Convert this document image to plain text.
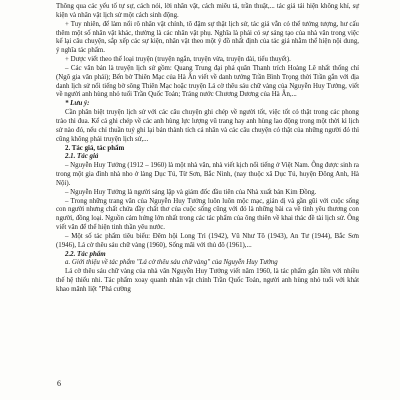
Thông qua các yếu tố tự sự, cách nói, lời nhân vật, cách miêu tả, trần thuật,... tác giả tái hiện không khí, sự kiện và nhân vật lịch sử một cách sinh động.

+ Tuy nhiên, để làm nổi rõ nhân vật chính, tô đậm sự thật lịch sử, tác giả vẫn có thể tưởng tượng, hư cấu thêm một số nhân vật khác, thường là các nhân vật phụ. Nghĩa là phải có sự sáng tạo của nhà văn trong việc kể lại câu chuyện, sắp xếp các sự kiện, nhân vật theo một ý đồ nhất định của tác giả nhằm thể hiện nội dung, ý nghĩa tác phẩm.

+ Dược viết theo thể loại truyện (truyện ngắn, truyện vừa, truyện dài, tiểu thuyết).

– Các văn bản là truyện lịch sử gồm: Quang Trung đại phá quân Thanh trích Hoàng Lê nhất thống chí (Ngô gia văn phái); Bến bờ Thiên Mạc của Hà Ân viết về danh tướng Trần Bình Trọng thời Trần gắn với địa danh lịch sử nổi tiếng bờ sông Thiên Mạc hoặc truyện Lá cờ thêu sáu chữ vàng của Nguyễn Huy Tưởng, viết về người anh hùng nhỏ tuổi Trần Quốc Toản; Tráng nước Chương Dương của Hà Ân,...

* Lưu ý:

Cần phân biệt truyện lịch sử với các câu chuyện ghi chép về người tốt, việc tốt có thật trong các phong trào thi đua. Kể cả ghi chép về các anh hùng lực lượng vũ trang hay anh hùng lao động trong một thời kì lịch sử nào đó, nếu chỉ thuần tuý ghi lại bản thành tích cá nhân và các câu chuyện có thật của những người đó thì cũng không phải truyện lịch sử,...

2. Tác giả, tác phẩm

2.1. Tác giả

– Nguyễn Huy Tưởng (1912 – 1960) là một nhà văn, nhà viết kịch nổi tiếng ở Việt Nam. Ông được sinh ra trong một gia đình nhà nho ở làng Dục Tú, Từ Sơn, Bắc Ninh, (nay thuộc xã Dục Tú, huyện Đông Anh, Hà Nội).

– Nguyễn Huy Tưởng là người sáng lập và giám đốc đầu tiên của Nhà xuất bản Kim Đồng.

– Trong những trang văn của Nguyễn Huy Tưởng luôn luôn mộc mạc, giản dị và gần gũi với cuộc sống con người nhưng chất chứa đầy chất thơ của cuộc sống cũng với đó là những bài ca về tình yêu thương con người, đồng loại. Nguồn cảm hứng lớn nhất trong các tác phẩm của ông thiên về khai thác đề tài lịch sử. Ông viết văn để thể hiện tinh thần yêu nước.

– Một số tác phẩm tiêu biểu: Đêm hội Long Trì (1942), Vũ Như Tô (1943), An Tư (1944), Bắc Sơn (1946), Lá cờ thêu sáu chữ vàng (1960), Sống mãi với thủ đô (1961),...

2.2. Tác phẩm

a. Giới thiệu về tác phẩm "Lá cờ thêu sáu chữ vàng" của Nguyễn Huy Tưởng

Lá cờ thêu sáu chữ vàng của nhà văn Nguyễn Huy Tưởng viết năm 1960, là tác phẩm gắn liền với nhiều thế hệ thiếu nhi. Tác phẩm xoay quanh nhân vật chính Trần Quốc Toản, người anh hùng nhỏ tuổi với khát khao mãnh liệt "Phá cường

6
